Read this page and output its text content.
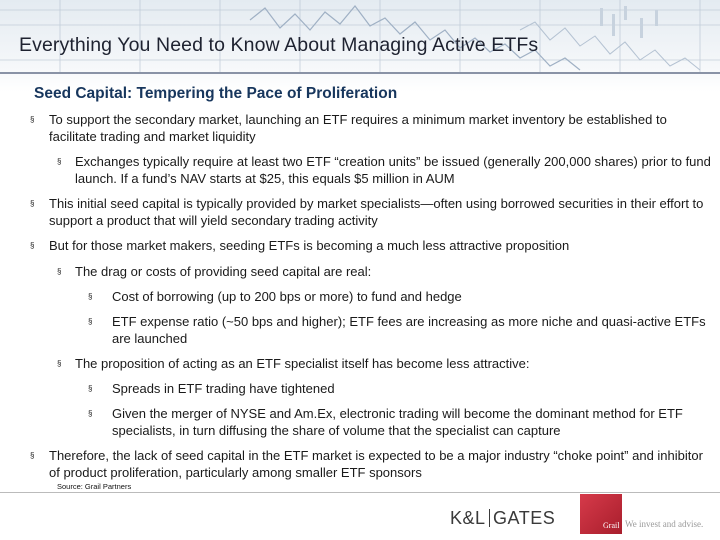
Everything You Need to Know About Managing Active ETFs
Seed Capital: Tempering the Pace of Proliferation
§ To support the secondary market, launching an ETF requires a minimum market inventory be established to facilitate trading and market liquidity
§ Exchanges typically require at least two ETF “creation units” be issued (generally 200,000 shares) prior to fund launch. If a fund’s NAV starts at $25, this equals $5 million in AUM
§ This initial seed capital is typically provided by market specialists—often using borrowed securities in their effort to support a product that will yield secondary trading activity
§ But for those market makers, seeding ETFs is becoming a much less attractive proposition
§ The drag or costs of providing seed capital are real:
§ Cost of borrowing (up to 200 bps or more) to fund and hedge
§ ETF expense ratio (~50 bps and higher); ETF fees are increasing as more niche and quasi-active ETFs are launched
§ The proposition of acting as an ETF specialist itself has become less attractive:
§ Spreads in ETF trading have tightened
§ Given the merger of NYSE and Am.Ex, electronic trading will become the dominant method for ETF specialists, in turn diffusing the share of volume that the specialist can capture
§ Therefore, the lack of seed capital in the ETF market is expected to be a major industry “choke point” and inhibitor of product proliferation, particularly among smaller ETF sponsors
Source: Grail Partners
K&L GATES	Grail We invest and advise.
